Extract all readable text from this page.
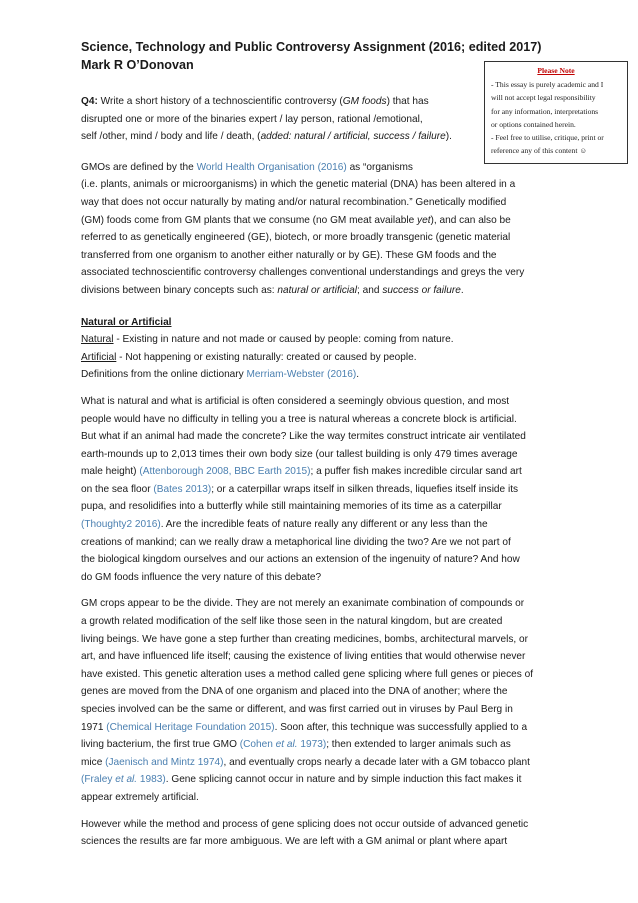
Science, Technology and Public Controversy Assignment (2016; edited 2017)
Mark R O’Donovan	Please Note
- This essay is purely academic and I
will not accept legal responsibility
for any information, interpretations
or options contained herein.
- Feel free to utilise, critique, print or
reference any of this content ☺
Q4: Write a short history of a technoscientific controversy (GM foods) that has
disrupted one or more of the binaries expert / lay person, rational /emotional,
self /other, mind / body and life / death, (added: natural / artificial, success / failure).
GMOs are defined by the World Health Organisation (2016) as “organisms
(i.e. plants, animals or microorganisms) in which the genetic material (DNA) has been altered in a
way that does not occur naturally by mating and/or natural recombination.” Genetically modified
(GM) foods come from GM plants that we consume (no GM meat available yet), and can also be
referred to as genetically engineered (GE), biotech, or more broadly transgenic (genetic material
transferred from one organism to another either naturally or by GE). These GM foods and the
associated technoscientific controversy challenges conventional understandings and greys the very
divisions between binary concepts such as: natural or artificial; and success or failure.
Natural or Artificial
Natural - Existing in nature and not made or caused by people: coming from nature.
Artificial - Not happening or existing naturally: created or caused by people.
Definitions from the online dictionary Merriam-Webster (2016).
What is natural and what is artificial is often considered a seemingly obvious question, and most
people would have no difficulty in telling you a tree is natural whereas a concrete block is artificial.
But what if an animal had made the concrete? Like the way termites construct intricate air ventilated
earth-mounds up to 2,013 times their own body size (our tallest building is only 479 times average
male height) (Attenborough 2008, BBC Earth 2015); a puffer fish makes incredible circular sand art
on the sea floor (Bates 2013); or a caterpillar wraps itself in silken threads, liquefies itself inside its
pupa, and resolidifies into a butterfly while still maintaining memories of its time as a caterpillar
(Thoughty2 2016). Are the incredible feats of nature really any different or any less than the
creations of mankind; can we really draw a metaphorical line dividing the two? Are we not part of
the biological kingdom ourselves and our actions an extension of the ingenuity of nature? And how
do GM foods influence the very nature of this debate?
GM crops appear to be the divide. They are not merely an exanimate combination of compounds or
a growth related modification of the self like those seen in the natural kingdom, but are created
living beings. We have gone a step further than creating medicines, bombs, architectural marvels, or
art, and have influenced life itself; causing the existence of living entities that would otherwise never
have existed. This genetic alteration uses a method called gene splicing where full genes or pieces of
genes are moved from the DNA of one organism and placed into the DNA of another; where the
species involved can be the same or different, and was first carried out in viruses by Paul Berg in
1971 (Chemical Heritage Foundation 2015). Soon after, this technique was successfully applied to a
living bacterium, the first true GMO (Cohen et al. 1973); then extended to larger animals such as
mice (Jaenisch and Mintz 1974), and eventually crops nearly a decade later with a GM tobacco plant
(Fraley et al. 1983). Gene splicing cannot occur in nature and by simple induction this fact makes it
appear extremely artificial.
However while the method and process of gene splicing does not occur outside of advanced genetic
sciences the results are far more ambiguous. We are left with a GM animal or plant where apart
